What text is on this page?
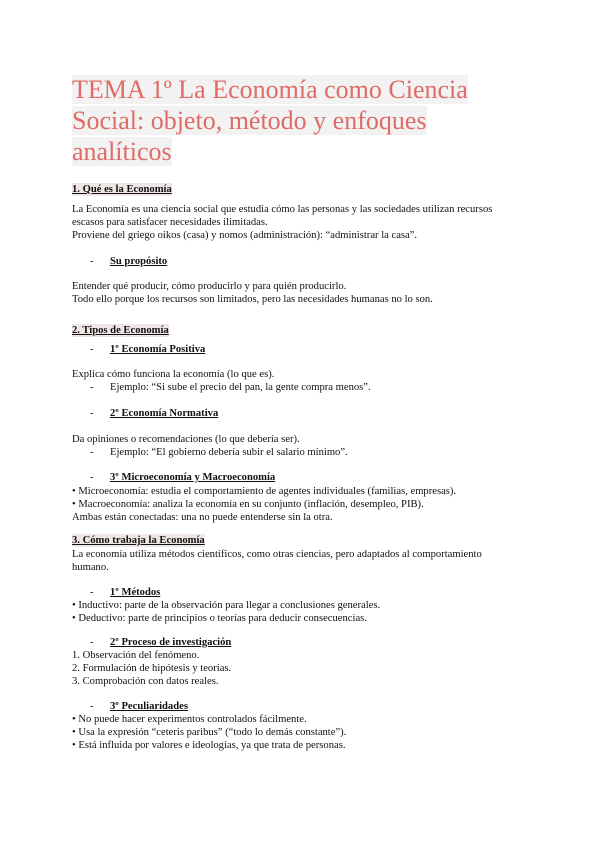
TEMA 1º La Economía como Ciencia
Social: objeto, método y enfoques
analíticos
1. Qué es la Economía
La Economía es una ciencia social que estudia cómo las personas y las sociedades utilizan recursos
escasos para satisfacer necesidades ilimitadas.
Proviene del griego oikos (casa) y nomos (administración): “administrar la casa”.
- Su propósito
Entender qué producir, cómo producirlo y para quién producirlo.
Todo ello porque los recursos son limitados, pero las necesidades humanas no lo son.
2. Tipos de Economía
- 1º Economía Positiva
Explica cómo funciona la economía (lo que es).
- Ejemplo: “Si sube el precio del pan, la gente compra menos”.
- 2º Economía Normativa
Da opiniones o recomendaciones (lo que debería ser).
- Ejemplo: “El gobierno debería subir el salario mínimo”.
- 3º Microeconomía y Macroeconomía
• Microeconomía: estudia el comportamiento de agentes individuales (familias, empresas).
• Macroeconomía: analiza la economía en su conjunto (inflación, desempleo, PIB).
Ambas están conectadas: una no puede entenderse sin la otra.
3. Cómo trabaja la Economía
La economía utiliza métodos científicos, como otras ciencias, pero adaptados al comportamiento
humano.
- 1º Métodos
• Inductivo: parte de la observación para llegar a conclusiones generales.
• Deductivo: parte de principios o teorías para deducir consecuencias.
- 2º Proceso de investigación
1. Observación del fenómeno.
2. Formulación de hipótesis y teorías.
3. Comprobación con datos reales.
- 3º Peculiaridades
• No puede hacer experimentos controlados fácilmente.
• Usa la expresión “ceteris paribus” (“todo lo demás constante”).
• Está influida por valores e ideologías, ya que trata de personas.
